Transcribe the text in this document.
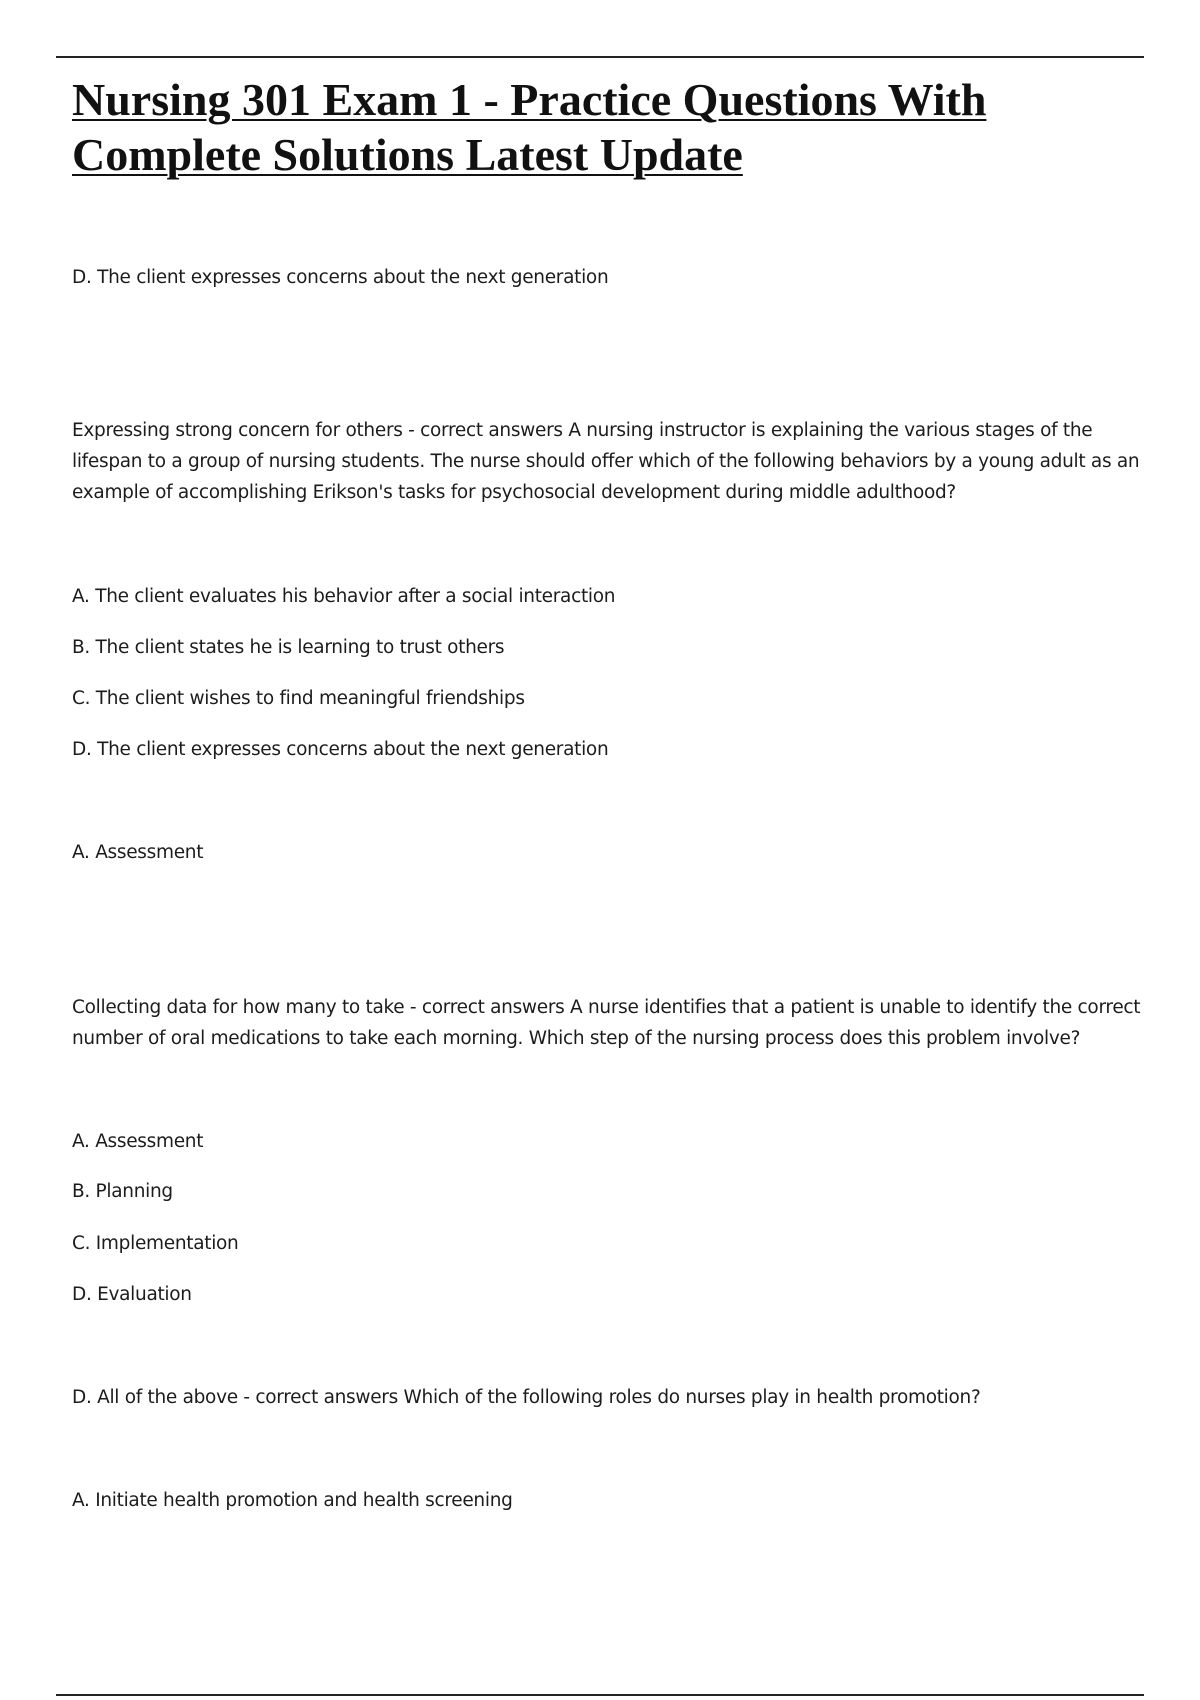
Nursing 301 Exam 1 - Practice Questions With
Complete Solutions Latest Update

D. The client expresses concerns about the next generation

Expressing strong concern for others - correct answers A nursing instructor is explaining the various stages of the lifespan to a group of nursing students. The nurse should offer which of the following behaviors by a young adult as an example of accomplishing Erikson's tasks for psychosocial development during middle adulthood?

A. The client evaluates his behavior after a social interaction

B. The client states he is learning to trust others

C. The client wishes to find meaningful friendships

D. The client expresses concerns about the next generation

A. Assessment

Collecting data for how many to take - correct answers A nurse identifies that a patient is unable to identify the correct number of oral medications to take each morning. Which step of the nursing process does this problem involve?

A. Assessment

B. Planning

C. Implementation

D. Evaluation

D. All of the above - correct answers Which of the following roles do nurses play in health promotion?

A. Initiate health promotion and health screening
